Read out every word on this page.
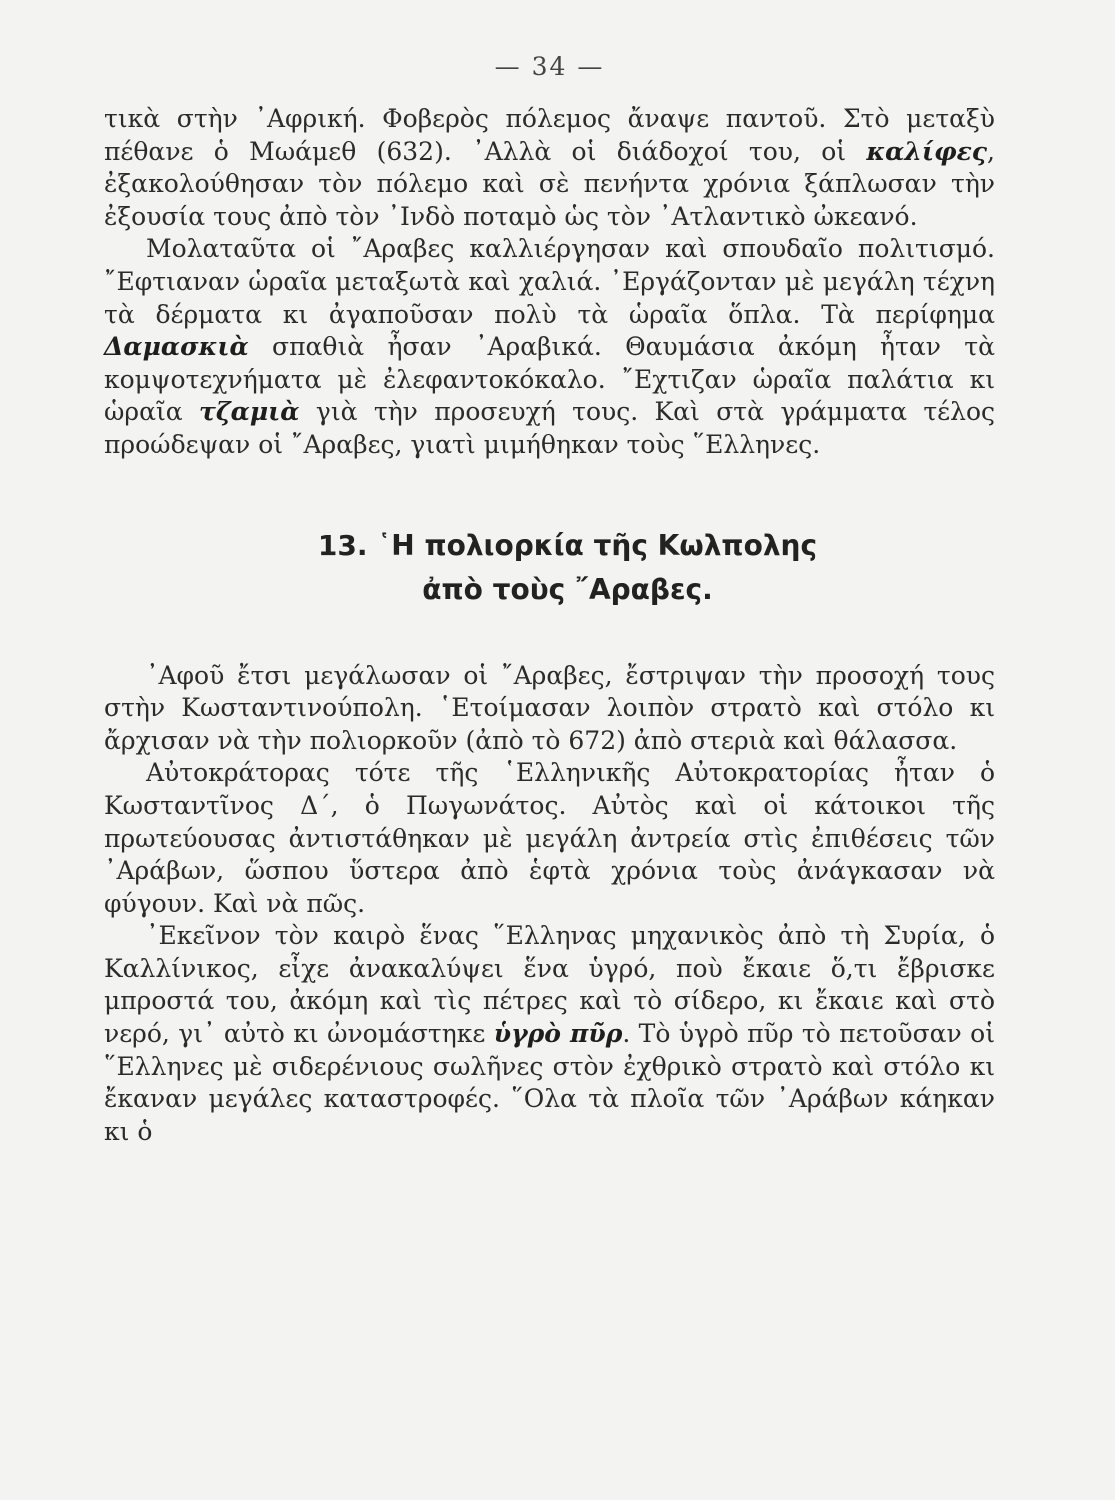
— 34 —

τικὰ στὴν ᾿Αφρική. Φοβερὸς πόλεμος ἄναψε παντοῦ. Στὸ μεταξὺ πέθανε ὁ Μωάμεθ (632). ᾿Αλλὰ οἱ διάδοχοί του, οἱ καλίφες, ἐξακολούθησαν τὸν πόλεμο καὶ σὲ πενήντα χρόνια ξάπλωσαν τὴν ἐξουσία τους ἀπὸ τὸν ᾿Ινδὸ ποταμὸ ὡς τὸν ᾿Ατλαντικὸ ὠκεανό.

Μολαταῦτα οἱ ῎Αραβες καλλιέργησαν καὶ σπουδαῖο πολιτισμό. ῎Εφτιαναν ὡραῖα μεταξωτὰ καὶ χαλιά. ᾿Εργάζονταν μὲ μεγάλη τέχνη τὰ δέρματα κι ἀγαποῦσαν πολὺ τὰ ὡραῖα ὅπλα. Τὰ περίφημα Δαμασκιὰ σπαθιὰ ἦσαν ᾿Αραβικά. Θαυμάσια ἀκόμη ἦταν τὰ κομψοτεχνήματα μὲ ἐλεφαντοκόκαλο. ῎Εχτιζαν ὡραῖα παλάτια κι ὡραῖα τζαμιὰ γιὰ τὴν προσευχή τους. Καὶ στὰ γράμματα τέλος προώδεψαν οἱ ῎Αραβες, γιατὶ μιμήθηκαν τοὺς ῞Ελληνες.

13. ῾Η πολιορκία τῆς Κωλπολης
ἀπὸ τοὺς ῎Αραβες.

᾿Αφοῦ ἔτσι μεγάλωσαν οἱ ῎Αραβες, ἔστριψαν τὴν προσοχή τους στὴν Κωσταντινούπολη. ῾Ετοίμασαν λοιπὸν στρατὸ καὶ στόλο κι ἄρχισαν νὰ τὴν πολιορκοῦν (ἀπὸ τὸ 672) ἀπὸ στεριὰ καὶ θάλασσα.

Αὐτοκράτορας τότε τῆς ῾Ελληνικῆς Αὐτοκρατορίας ἦταν ὁ Κωσταντῖνος Δ΄, ὁ Πωγωνάτος. Αὐτὸς καὶ οἱ κάτοικοι τῆς πρωτεύουσας ἀντιστάθηκαν μὲ μεγάλη ἀντρεία στὶς ἐπιθέσεις τῶν ᾿Αράβων, ὥσπου ὕστερα ἀπὸ ἑφτὰ χρόνια τοὺς ἀνάγκασαν νὰ φύγουν. Καὶ νὰ πῶς.

᾿Εκεῖνον τὸν καιρὸ ἕνας ῞Ελληνας μηχανικὸς ἀπὸ τὴ Συρία, ὁ Καλλίνικος, εἶχε ἀνακαλύψει ἕνα ὑγρό, ποὺ ἔκαιε ὅ,τι ἔβρισκε μπροστά του, ἀκόμη καὶ τὶς πέτρες καὶ τὸ σίδερο, κι ἔκαιε καὶ στὸ νερό, γι᾿ αὐτὸ κι ὠνομάστηκε ὑγρὸ πῦρ. Τὸ ὑγρὸ πῦρ τὸ πετοῦσαν οἱ ῞Ελληνες μὲ σιδερένιους σωλῆνες στὸν ἐχθρικὸ στρατὸ καὶ στόλο κι ἔκαναν μεγάλες καταστροφές. ῞Ολα τὰ πλοῖα τῶν ᾿Αράβων κάηκαν κι ὁ
